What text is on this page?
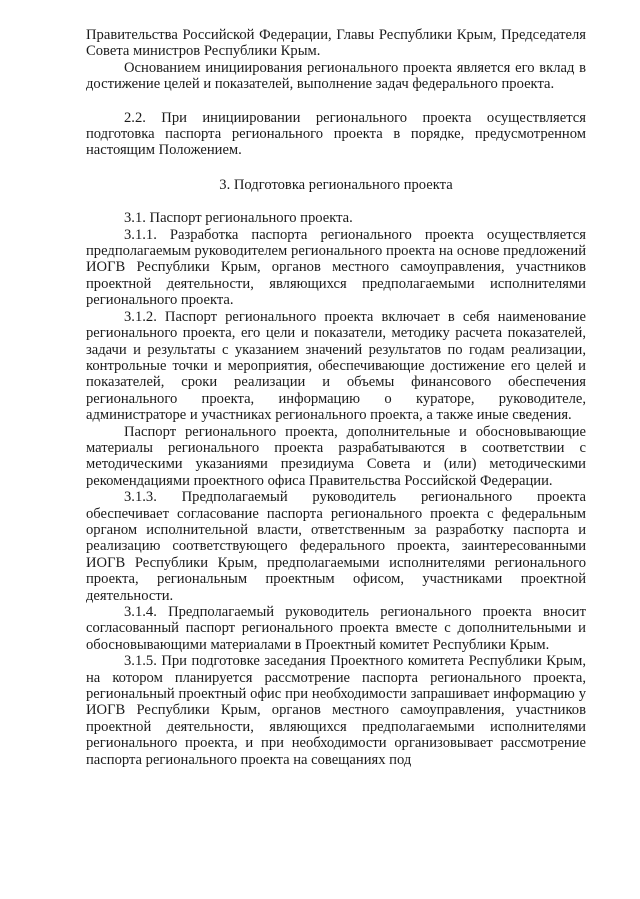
Правительства Российской Федерации, Главы Республики Крым, Председателя Совета министров Республики Крым.

Основанием инициирования регионального проекта является его вклад в достижение целей и показателей, выполнение задач федерального проекта.

2.2. При инициировании регионального проекта осуществляется подготовка паспорта регионального проекта в порядке, предусмотренном настоящим Положением.

3. Подготовка регионального проекта

3.1. Паспорт регионального проекта.

3.1.1. Разработка паспорта регионального проекта осуществляется предполагаемым руководителем регионального проекта на основе предложений ИОГВ Республики Крым, органов местного самоуправления, участников проектной деятельности, являющихся предполагаемыми исполнителями регионального проекта.

3.1.2. Паспорт регионального проекта включает в себя наименование регионального проекта, его цели и показатели, методику расчета показателей, задачи и результаты с указанием значений результатов по годам реализации, контрольные точки и мероприятия, обеспечивающие достижение его целей и показателей, сроки реализации и объемы финансового обеспечения регионального проекта, информацию о кураторе, руководителе, администраторе и участниках регионального проекта, а также иные сведения.

Паспорт регионального проекта, дополнительные и обосновывающие материалы регионального проекта разрабатываются в соответствии с методическими указаниями президиума Совета и (или) методическими рекомендациями проектного офиса Правительства Российской Федерации.

3.1.3. Предполагаемый руководитель регионального проекта обеспечивает согласование паспорта регионального проекта с федеральным органом исполнительной власти, ответственным за разработку паспорта и реализацию соответствующего федерального проекта, заинтересованными ИОГВ Республики Крым, предполагаемыми исполнителями регионального проекта, региональным проектным офисом, участниками проектной деятельности.

3.1.4. Предполагаемый руководитель регионального проекта вносит согласованный паспорт регионального проекта вместе с дополнительными и обосновывающими материалами в Проектный комитет Республики Крым.

3.1.5. При подготовке заседания Проектного комитета Республики Крым, на котором планируется рассмотрение паспорта регионального проекта, региональный проектный офис при необходимости запрашивает информацию у ИОГВ Республики Крым, органов местного самоуправления, участников проектной деятельности, являющихся предполагаемыми исполнителями регионального проекта, и при необходимости организовывает рассмотрение паспорта регионального проекта на совещаниях под
